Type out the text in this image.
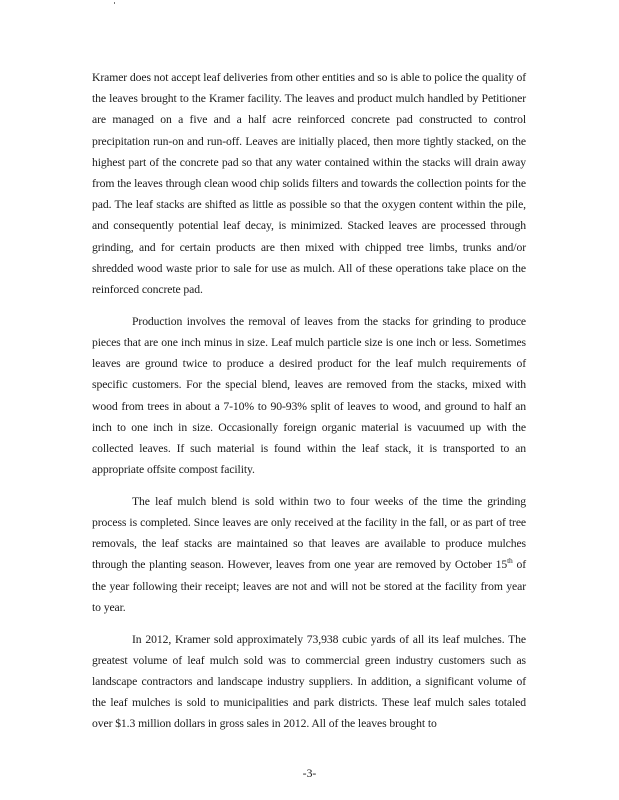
Kramer does not accept leaf deliveries from other entities and so is able to police the quality of the leaves brought to the Kramer facility. The leaves and product mulch handled by Petitioner are managed on a five and a half acre reinforced concrete pad constructed to control precipitation run-on and run-off. Leaves are initially placed, then more tightly stacked, on the highest part of the concrete pad so that any water contained within the stacks will drain away from the leaves through clean wood chip solids filters and towards the collection points for the pad. The leaf stacks are shifted as little as possible so that the oxygen content within the pile, and consequently potential leaf decay, is minimized. Stacked leaves are processed through grinding, and for certain products are then mixed with chipped tree limbs, trunks and/or shredded wood waste prior to sale for use as mulch. All of these operations take place on the reinforced concrete pad.

Production involves the removal of leaves from the stacks for grinding to produce pieces that are one inch minus in size. Leaf mulch particle size is one inch or less. Sometimes leaves are ground twice to produce a desired product for the leaf mulch requirements of specific customers. For the special blend, leaves are removed from the stacks, mixed with wood from trees in about a 7-10% to 90-93% split of leaves to wood, and ground to half an inch to one inch in size. Occasionally foreign organic material is vacuumed up with the collected leaves. If such material is found within the leaf stack, it is transported to an appropriate offsite compost facility.

The leaf mulch blend is sold within two to four weeks of the time the grinding process is completed. Since leaves are only received at the facility in the fall, or as part of tree removals, the leaf stacks are maintained so that leaves are available to produce mulches through the planting season. However, leaves from one year are removed by October 15th of the year following their receipt; leaves are not and will not be stored at the facility from year to year.

In 2012, Kramer sold approximately 73,938 cubic yards of all its leaf mulches. The greatest volume of leaf mulch sold was to commercial green industry customers such as landscape contractors and landscape industry suppliers. In addition, a significant volume of the leaf mulches is sold to municipalities and park districts. These leaf mulch sales totaled over $1.3 million dollars in gross sales in 2012. All of the leaves brought to

-3-
